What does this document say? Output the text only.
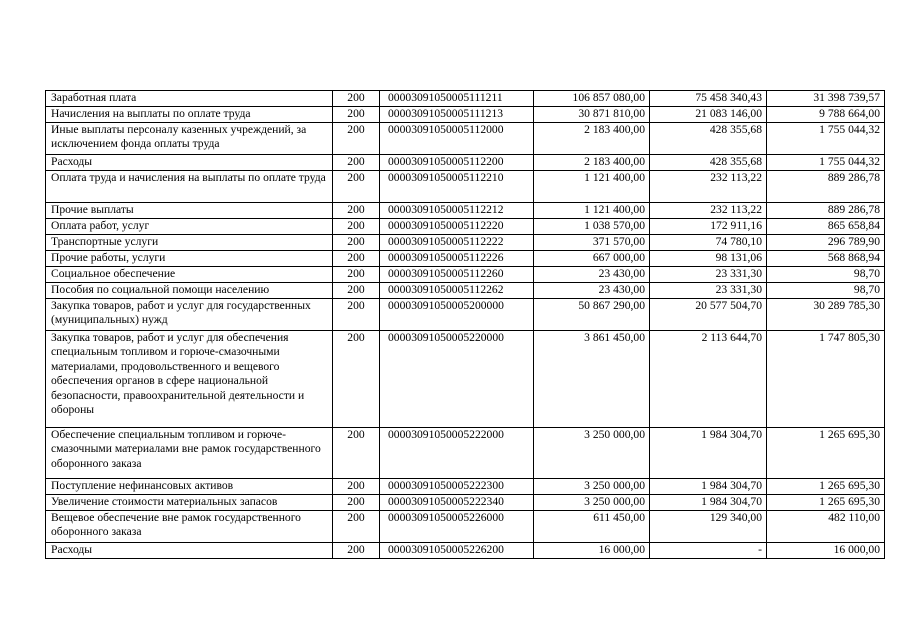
Заработная плата	200	00003091050005111211	106 857 080,00	75 458 340,43	31 398 739,57
Начисления на выплаты по оплате труда	200	00003091050005111213	30 871 810,00	21 083 146,00	9 788 664,00
Иные выплаты персоналу казенных учреждений, за исключением фонда оплаты труда	200	00003091050005112000	2 183 400,00	428 355,68	1 755 044,32
Расходы	200	00003091050005112200	2 183 400,00	428 355,68	1 755 044,32
Оплата труда и начисления на выплаты по оплате труда	200	00003091050005112210	1 121 400,00	232 113,22	889 286,78
Прочие выплаты	200	00003091050005112212	1 121 400,00	232 113,22	889 286,78
Оплата работ, услуг	200	00003091050005112220	1 038 570,00	172 911,16	865 658,84
Транспортные услуги	200	00003091050005112222	371 570,00	74 780,10	296 789,90
Прочие работы, услуги	200	00003091050005112226	667 000,00	98 131,06	568 868,94
Социальное обеспечение	200	00003091050005112260	23 430,00	23 331,30	98,70
Пособия по социальной помощи населению	200	00003091050005112262	23 430,00	23 331,30	98,70
Закупка товаров, работ и услуг для государственных (муниципальных) нужд	200	00003091050005200000	50 867 290,00	20 577 504,70	30 289 785,30
Закупка товаров, работ и услуг для обеспечения специальным топливом и горюче-смазочными материалами, продовольственного и вещевого обеспечения органов в сфере национальной безопасности, правоохранительной деятельности и обороны	200	00003091050005220000	3 861 450,00	2 113 644,70	1 747 805,30
Обеспечение специальным топливом и горюче-смазочными материалами вне рамок государственного оборонного заказа	200	00003091050005222000	3 250 000,00	1 984 304,70	1 265 695,30
Поступление нефинансовых активов	200	00003091050005222300	3 250 000,00	1 984 304,70	1 265 695,30
Увеличение стоимости материальных запасов	200	00003091050005222340	3 250 000,00	1 984 304,70	1 265 695,30
Вещевое обеспечение вне рамок государственного оборонного заказа	200	00003091050005226000	611 450,00	129 340,00	482 110,00
Расходы	200	00003091050005226200	16 000,00	-	16 000,00
